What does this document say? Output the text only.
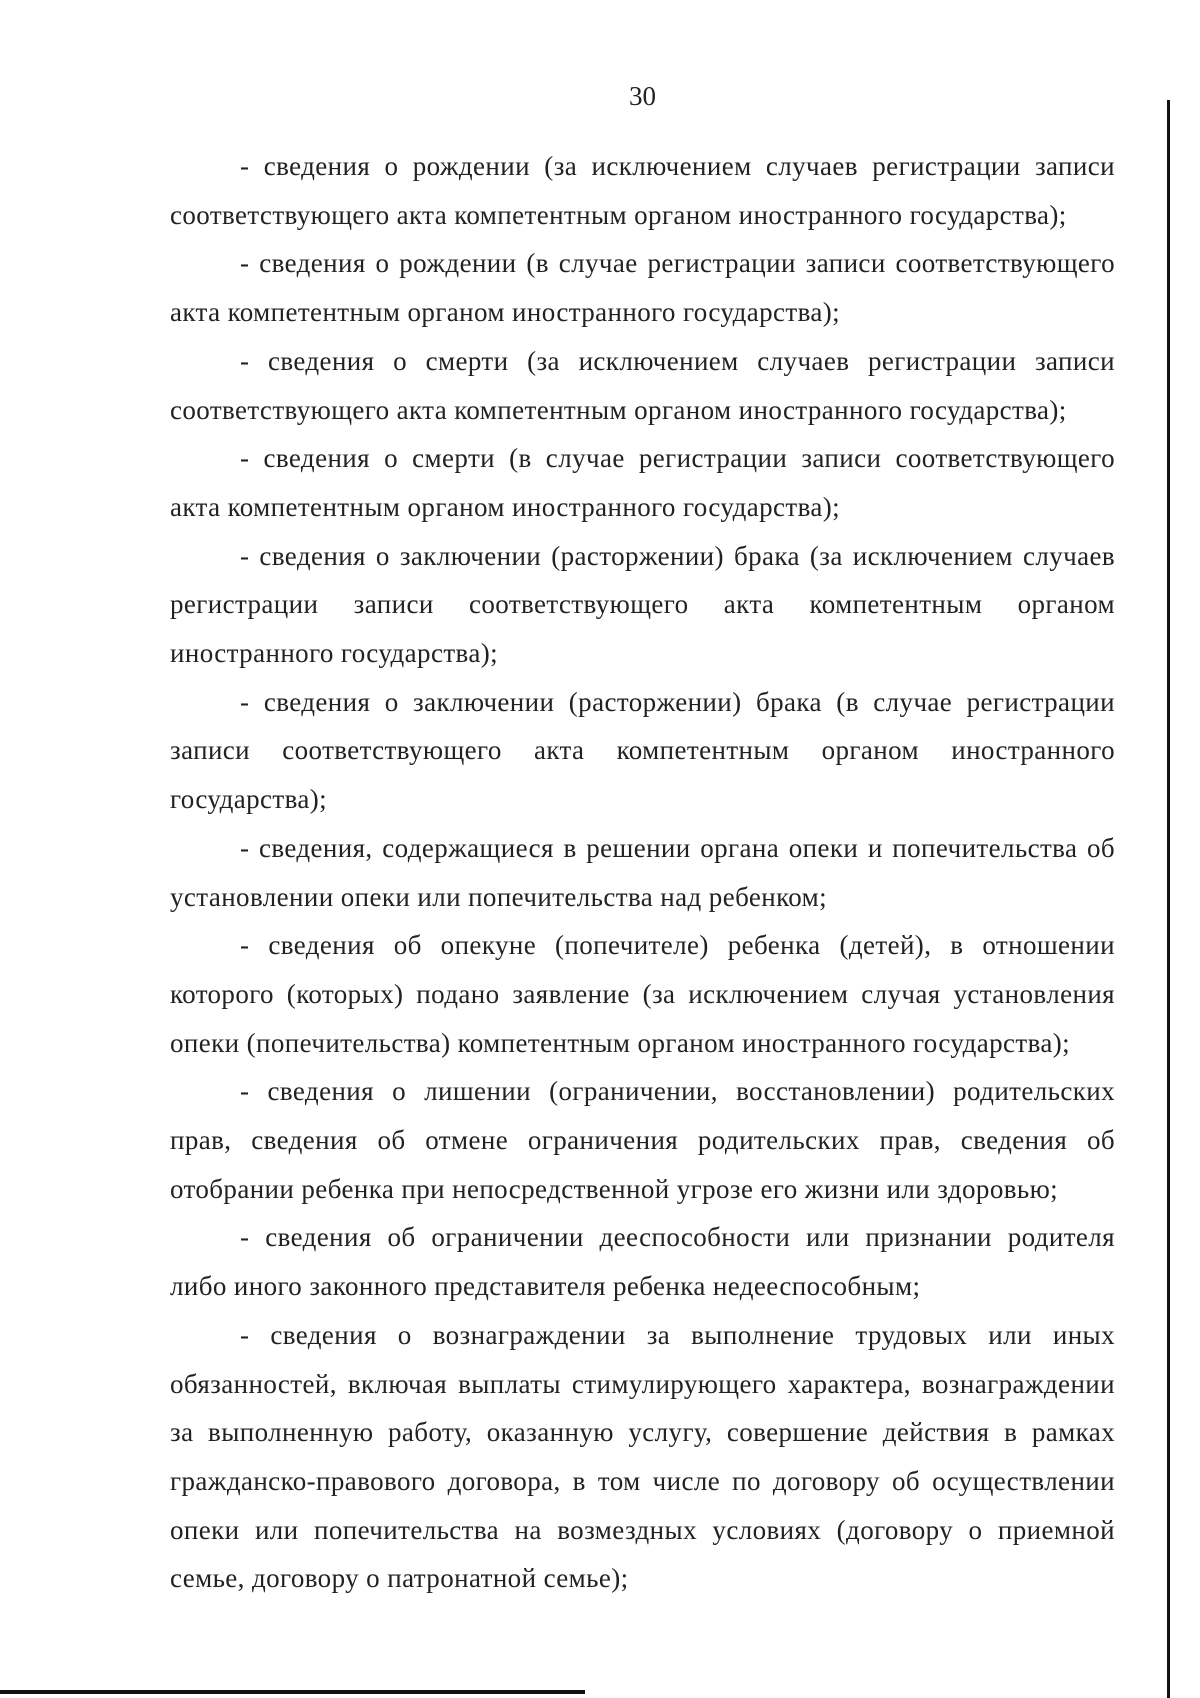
30

- сведения о рождении (за исключением случаев регистрации записи соответствующего акта компетентным органом иностранного государства);

- сведения о рождении (в случае регистрации записи соответствующего акта компетентным органом иностранного государства);

- сведения о смерти (за исключением случаев регистрации записи соответствующего акта компетентным органом иностранного государства);

- сведения о смерти (в случае регистрации записи соответствующего акта компетентным органом иностранного государства);

- сведения о заключении (расторжении) брака (за исключением случаев регистрации записи соответствующего акта компетентным органом иностранного государства);

- сведения о заключении (расторжении) брака (в случае регистрации записи соответствующего акта компетентным органом иностранного государства);

- сведения, содержащиеся в решении органа опеки и попечительства об установлении опеки или попечительства над ребенком;

- сведения об опекуне (попечителе) ребенка (детей), в отношении которого (которых) подано заявление (за исключением случая установления опеки (попечительства) компетентным органом иностранного государства);

- сведения о лишении (ограничении, восстановлении) родительских прав, сведения об отмене ограничения родительских прав, сведения об отобрании ребенка при непосредственной угрозе его жизни или здоровью;

- сведения об ограничении дееспособности или признании родителя либо иного законного представителя ребенка недееспособным;

- сведения о вознаграждении за выполнение трудовых или иных обязанностей, включая выплаты стимулирующего характера, вознаграждении за выполненную работу, оказанную услугу, совершение действия в рамках гражданско-правового договора, в том числе по договору об осуществлении опеки или попечительства на возмездных условиях (договору о приемной семье, договору о патронатной семье);
